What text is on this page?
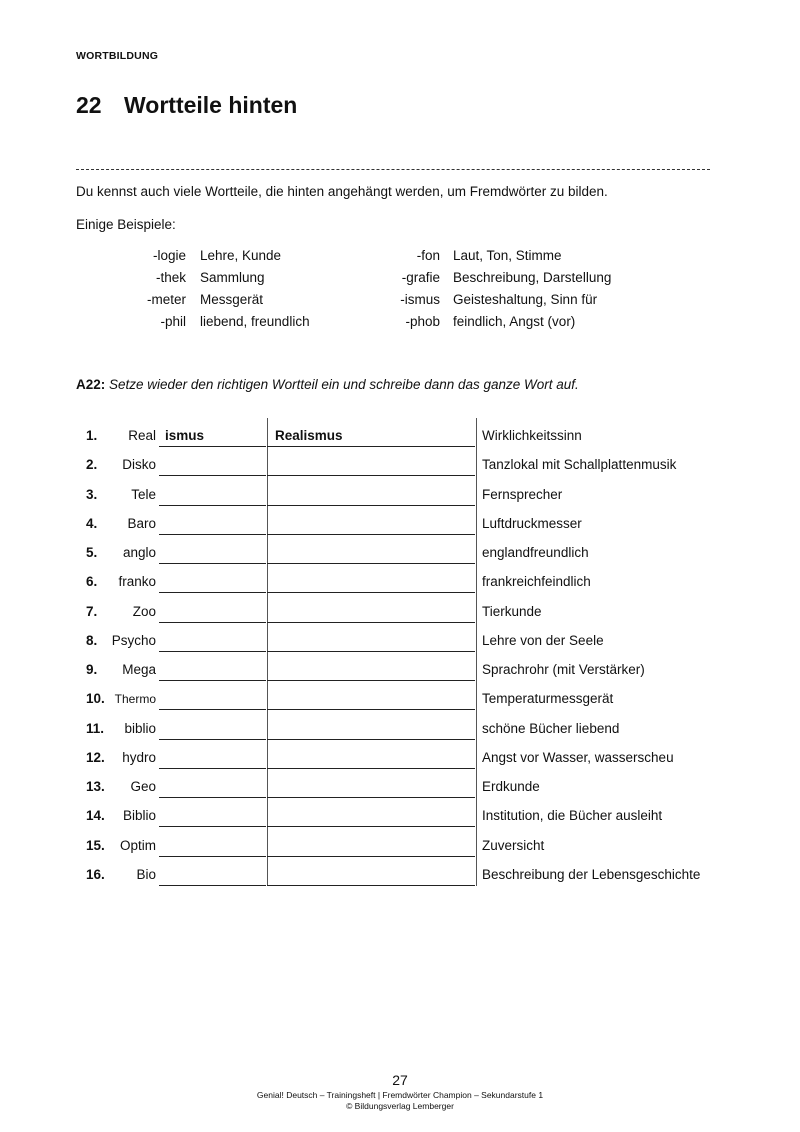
WORTBILDUNG
22 Wortteile hinten
Du kennst auch viele Wortteile, die hinten angehängt werden, um Fremdwörter zu bilden.
Einige Beispiele:
-logie Lehre, Kunde	-fon Laut, Ton, Stimme
-thek Sammlung	-grafie Beschreibung, Darstellung
-meter Messgerät	-ismus Geisteshaltung, Sinn für
-phil liebend, freundlich	-phob feindlich, Angst (vor)
A22: Setze wieder den richtigen Wortteil ein und schreibe dann das ganze Wort auf.
1. Real ismus	Realismus	Wirklichkeitssinn
2. Disko	Tanzlokal mit Schallplattenmusik
3.	Tele	Fernsprecher
4. Baro	Luftdruckmesser
5. anglo	englandfreundlich
6. franko	frankreichfeindlich
7.	Zoo	Tierkunde
8. Psycho	Lehre von der Seele
9. Mega	Sprachrohr (mit Verstärker)
10. Thermo	Temperaturmessgerät
11. biblio	schöne Bücher liebend
12. hydro	Angst vor Wasser, wasserscheu
13. Geo	Erdkunde
14. Biblio	Institution, die Bücher ausleiht
15. Optim	Zuversicht
16. Bio	Beschreibung der Lebensgeschichte
27
Genial! Deutsch – Trainingsheft | Fremdwörter Champion – Sekundarstufe 1
© Bildungsverlag Lemberger
